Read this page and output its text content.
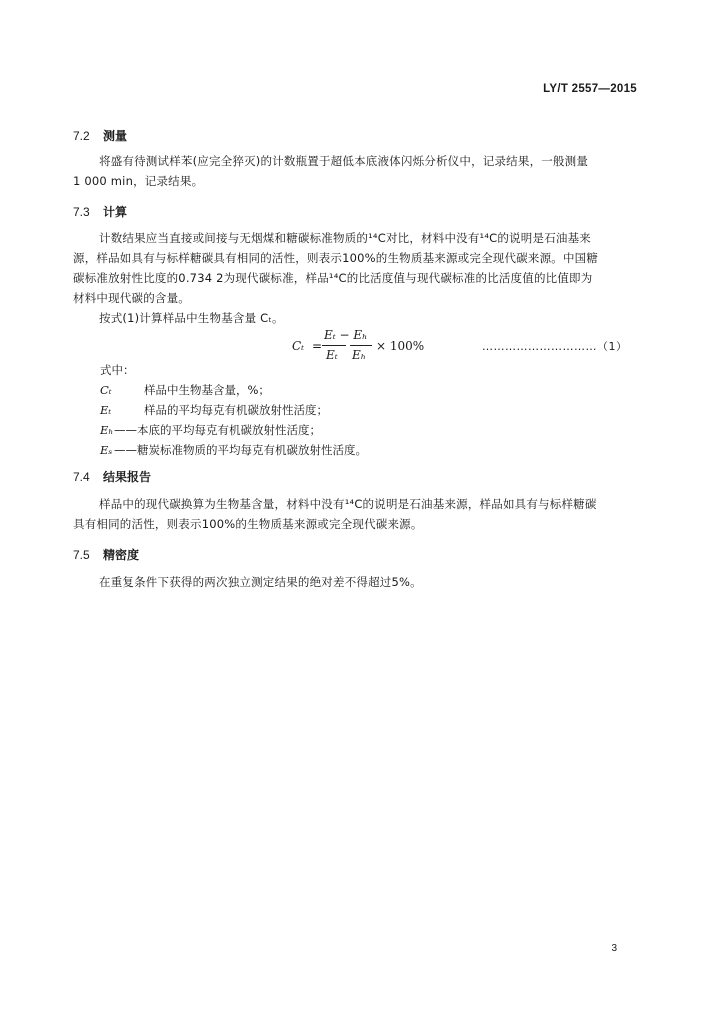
LY/T 2557—2015
7.2 测量
将盛有待测试样苯(应完全猝灭)的计数瓶置于超低本底液体闪烁分析仪中，记录结果，一般测量
1 000 min，记录结果。
7.3 计算
计数结果应当直接或间接与无烟煤和糖碳标准物质的¹⁴C对比，材料中没有¹⁴C的说明是石油基来
源，样品如具有与标样糖碳具有相同的活性，则表示100%的生物质基来源或完全现代碳来源。中国糖
碳标准放射性比度的0.734 2为现代碳标准，样品¹⁴C的比活度值与现代碳标准的比活度值的比值即为
材料中现代碳的含量。
按式(1)计算样品中生物基含量 Cₜ。
Cₜ =
Eₜ − Eₕ
Eₜ Eₕ
× 100%	…………………………（1）
式中：
Cₜ	样品中生物基含量，%；
Eₜ	样品的平均每克有机碳放射性活度；
Eₕ——本底的平均每克有机碳放射性活度；
Eₛ ——糖炭标准物质的平均每克有机碳放射性活度。
7.4 结果报告
样品中的现代碳换算为生物基含量，材料中没有¹⁴C的说明是石油基来源，样品如具有与标样糖碳
具有相同的活性，则表示100%的生物质基来源或完全现代碳来源。
7.5 精密度
在重复条件下获得的两次独立测定结果的绝对差不得超过5%。
3
